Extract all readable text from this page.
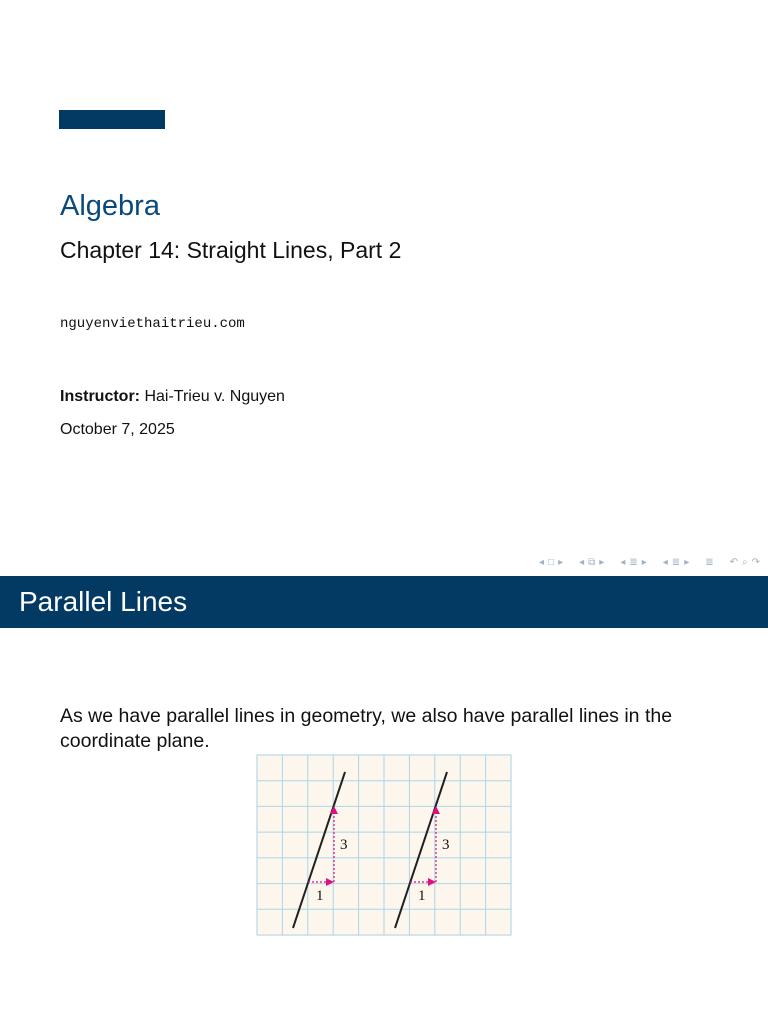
Algebra
Chapter 14: Straight Lines, Part 2
nguyenviethaitrieu.com
Instructor: Hai-Trieu v. Nguyen
October 7, 2025
◂ □ ▸ ◂ ⧉ ▸ ◂ ≣ ▸ ◂ ≣ ▸ ≣ ↶ ⌕ ↷
Parallel Lines

As we have parallel lines in geometry, we also have parallel lines in the coordinate plane.

3
1
3
1
